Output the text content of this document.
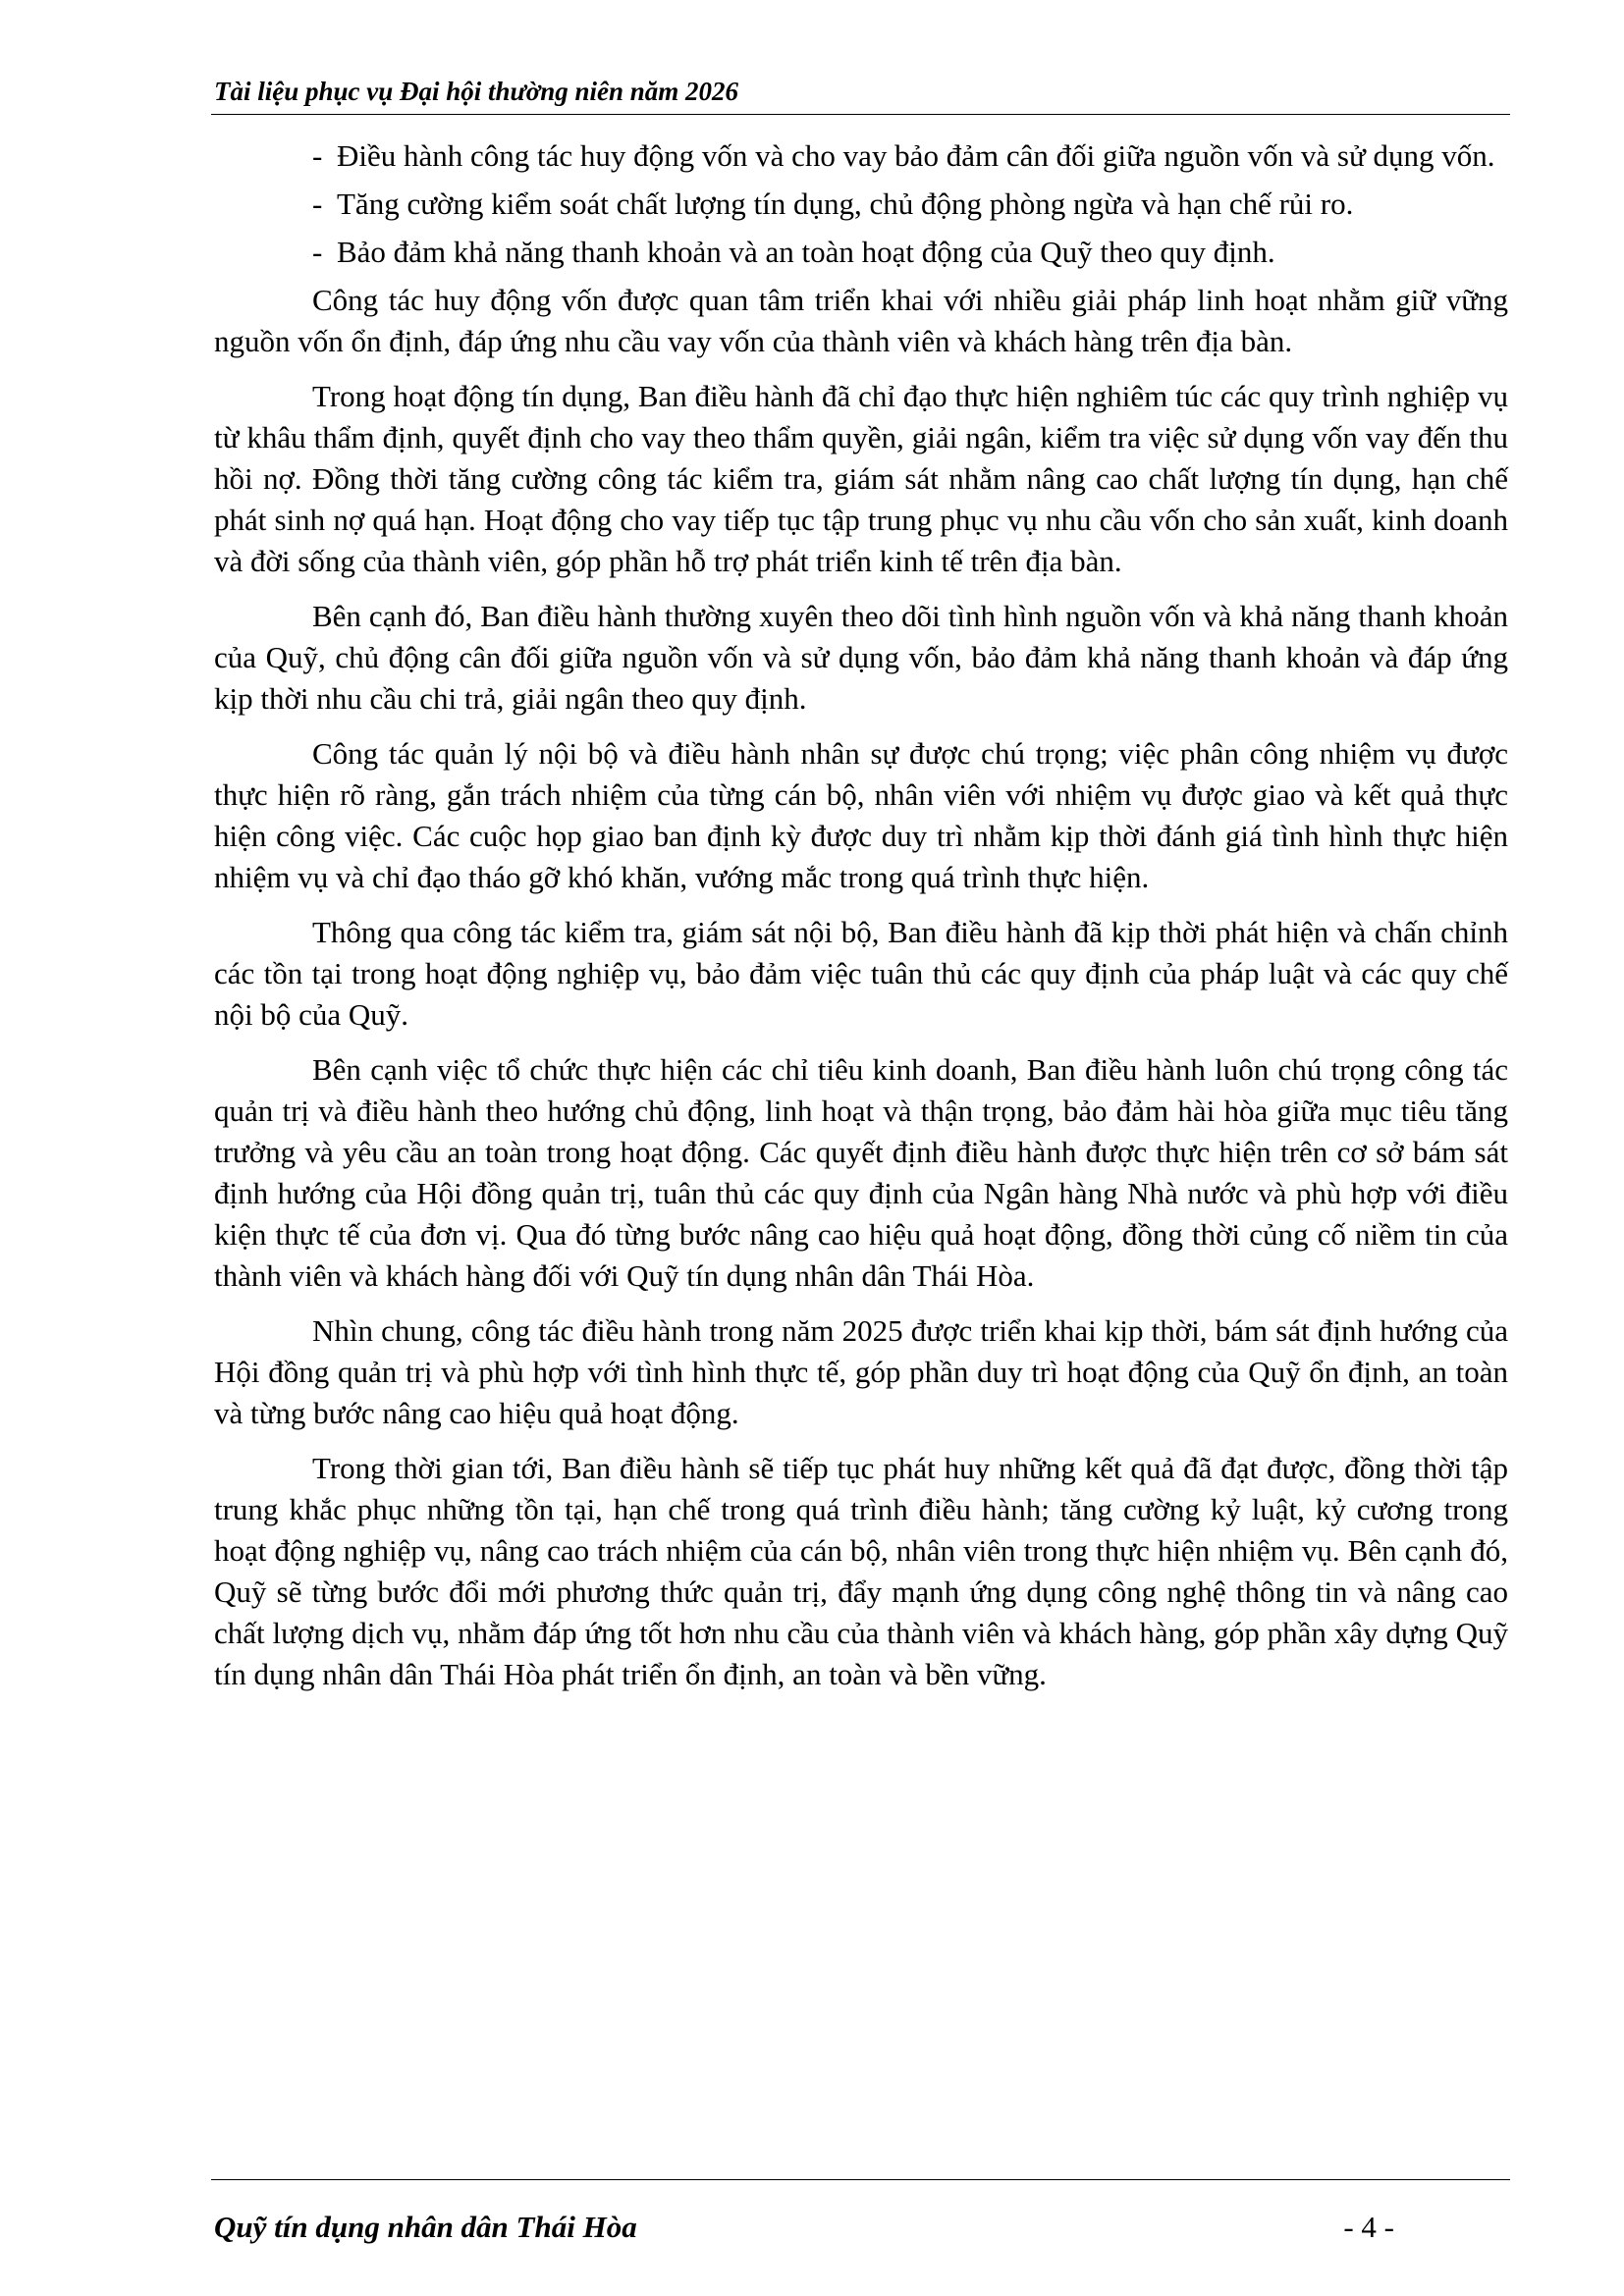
Tài liệu phục vụ Đại hội thường niên năm 2026
- Điều hành công tác huy động vốn và cho vay bảo đảm cân đối giữa nguồn vốn và sử dụng vốn.
- Tăng cường kiểm soát chất lượng tín dụng, chủ động phòng ngừa và hạn chế rủi ro.
- Bảo đảm khả năng thanh khoản và an toàn hoạt động của Quỹ theo quy định.

Công tác huy động vốn được quan tâm triển khai với nhiều giải pháp linh hoạt nhằm giữ vững nguồn vốn ổn định, đáp ứng nhu cầu vay vốn của thành viên và khách hàng trên địa bàn.

Trong hoạt động tín dụng, Ban điều hành đã chỉ đạo thực hiện nghiêm túc các quy trình nghiệp vụ từ khâu thẩm định, quyết định cho vay theo thẩm quyền, giải ngân, kiểm tra việc sử dụng vốn vay đến thu hồi nợ. Đồng thời tăng cường công tác kiểm tra, giám sát nhằm nâng cao chất lượng tín dụng, hạn chế phát sinh nợ quá hạn. Hoạt động cho vay tiếp tục tập trung phục vụ nhu cầu vốn cho sản xuất, kinh doanh và đời sống của thành viên, góp phần hỗ trợ phát triển kinh tế trên địa bàn.

Bên cạnh đó, Ban điều hành thường xuyên theo dõi tình hình nguồn vốn và khả năng thanh khoản của Quỹ, chủ động cân đối giữa nguồn vốn và sử dụng vốn, bảo đảm khả năng thanh khoản và đáp ứng kịp thời nhu cầu chi trả, giải ngân theo quy định.

Công tác quản lý nội bộ và điều hành nhân sự được chú trọng; việc phân công nhiệm vụ được thực hiện rõ ràng, gắn trách nhiệm của từng cán bộ, nhân viên với nhiệm vụ được giao và kết quả thực hiện công việc. Các cuộc họp giao ban định kỳ được duy trì nhằm kịp thời đánh giá tình hình thực hiện nhiệm vụ và chỉ đạo tháo gỡ khó khăn, vướng mắc trong quá trình thực hiện.

Thông qua công tác kiểm tra, giám sát nội bộ, Ban điều hành đã kịp thời phát hiện và chấn chỉnh các tồn tại trong hoạt động nghiệp vụ, bảo đảm việc tuân thủ các quy định của pháp luật và các quy chế nội bộ của Quỹ.

Bên cạnh việc tổ chức thực hiện các chỉ tiêu kinh doanh, Ban điều hành luôn chú trọng công tác quản trị và điều hành theo hướng chủ động, linh hoạt và thận trọng, bảo đảm hài hòa giữa mục tiêu tăng trưởng và yêu cầu an toàn trong hoạt động. Các quyết định điều hành được thực hiện trên cơ sở bám sát định hướng của Hội đồng quản trị, tuân thủ các quy định của Ngân hàng Nhà nước và phù hợp với điều kiện thực tế của đơn vị. Qua đó từng bước nâng cao hiệu quả hoạt động, đồng thời củng cố niềm tin của thành viên và khách hàng đối với Quỹ tín dụng nhân dân Thái Hòa.

Nhìn chung, công tác điều hành trong năm 2025 được triển khai kịp thời, bám sát định hướng của Hội đồng quản trị và phù hợp với tình hình thực tế, góp phần duy trì hoạt động của Quỹ ổn định, an toàn và từng bước nâng cao hiệu quả hoạt động.

Trong thời gian tới, Ban điều hành sẽ tiếp tục phát huy những kết quả đã đạt được, đồng thời tập trung khắc phục những tồn tại, hạn chế trong quá trình điều hành; tăng cường kỷ luật, kỷ cương trong hoạt động nghiệp vụ, nâng cao trách nhiệm của cán bộ, nhân viên trong thực hiện nhiệm vụ. Bên cạnh đó, Quỹ sẽ từng bước đổi mới phương thức quản trị, đẩy mạnh ứng dụng công nghệ thông tin và nâng cao chất lượng dịch vụ, nhằm đáp ứng tốt hơn nhu cầu của thành viên và khách hàng, góp phần xây dựng Quỹ tín dụng nhân dân Thái Hòa phát triển ổn định, an toàn và bền vững.

Quỹ tín dụng nhân dân Thái Hòa	- 4 -
